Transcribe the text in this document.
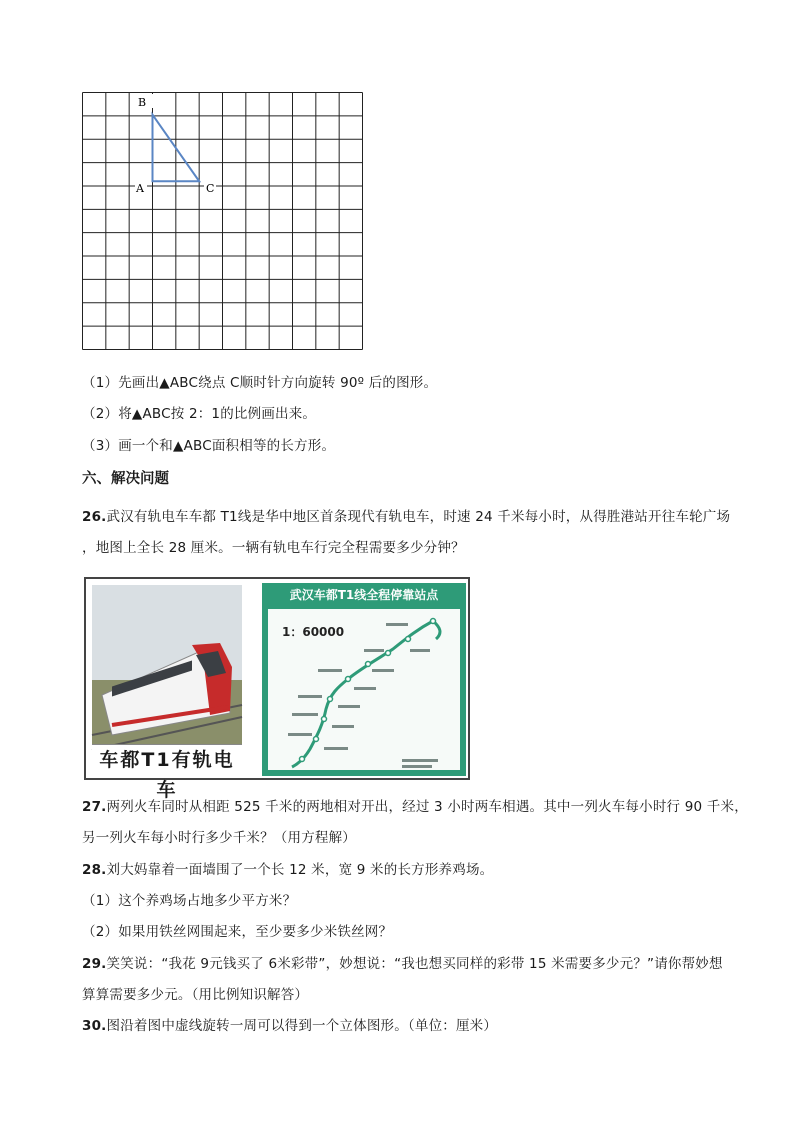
B
A	C
（1）先画出▲ABC绕点 C顺时针方向旋转 90º 后的图形。
（2）将▲ABC按 2：1的比例画出来。
（3）画一个和▲ABC面积相等的长方形。
六、解决问题
26.武汉有轨电车车都 T1线是华中地区首条现代有轨电车，时速 24 千米每小时，从得胜港站开往车轮广场
，地图上全长 28 厘米。一辆有轨电车行完全程需要多少分钟？
车都T1有轨电车
武汉车都T1线全程停靠站点
1：60000
27.两列火车同时从相距 525 千米的两地相对开出，经过 3 小时两车相遇。其中一列火车每小时行 90 千米，
另一列火车每小时行多少千米？（用方程解）
28.刘大妈靠着一面墙围了一个长 12 米，宽 9 米的长方形养鸡场。
（1）这个养鸡场占地多少平方米？
（2）如果用铁丝网围起来，至少要多少米铁丝网？
29.笑笑说：“我花 9元钱买了 6米彩带”，妙想说：“我也想买同样的彩带 15 米需要多少元？”请你帮妙想
算算需要多少元。（用比例知识解答）
30.图沿着图中虚线旋转一周可以得到一个立体图形。（单位：厘米）
